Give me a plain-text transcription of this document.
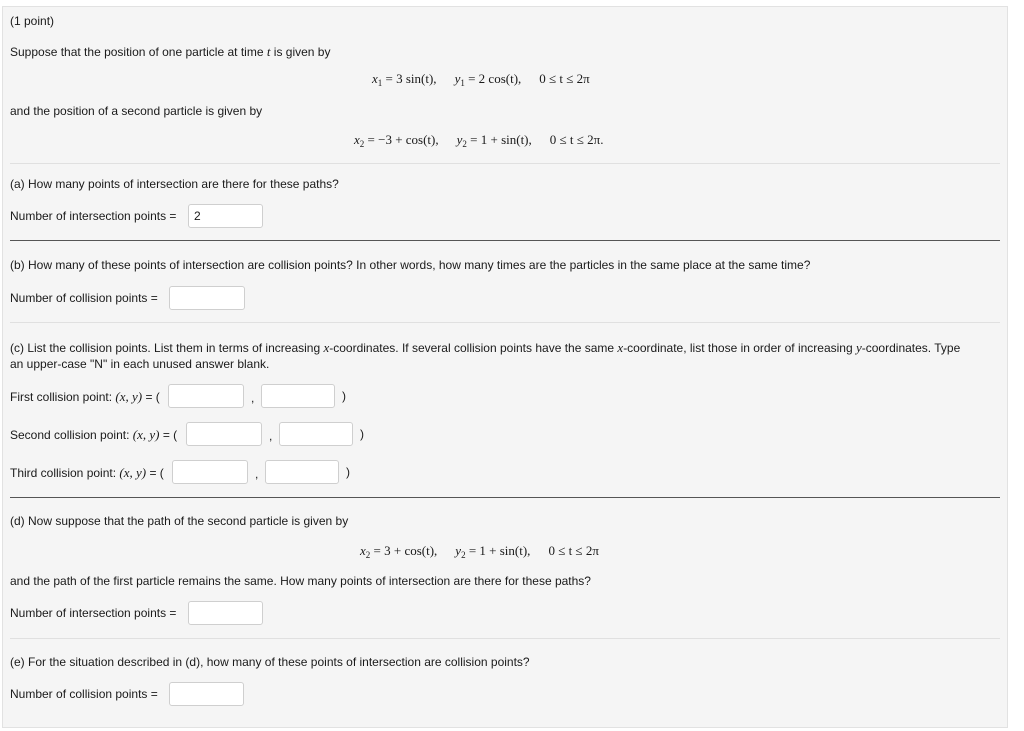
(1 point)
Suppose that the position of one particle at time t is given by
$x_1 = 3$ sin(t), $y_1 = 2$ cos(t), 0 ≤ t ≤ 2π
and the position of a second particle is given by
$x_2 = -3 + \cos(t)$, $y_2 = 1 + \sin(t)$, 0 ≤ t ≤ 2π.
(a) How many points of intersection are there for these paths?
Number of intersection points =	2
(b) How many of these points of intersection are collision points? In other words, how many times are the particles in the same place at the same time?
Number of collision points =
(c) List the collision points. List them in terms of increasing x-coordinates. If several collision points have the same x-coordinate, list those in order of increasing y-coordinates. Type
an upper-case "N" in each unused answer blank.
First collision point: (x, y) = (	,	)
Second collision point: (x, y) = (	,	)
Third collision point: (x, y) = (	,	)
(d) Now suppose that the path of the second particle is given by
$x_2 = 3 + \cos(t)$, $y_2 = 1 + \sin(t)$, 0 ≤ t ≤ 2π
and the path of the first particle remains the same. How many points of intersection are there for these paths?
Number of intersection points =
(e) For the situation described in (d), how many of these points of intersection are collision points?
Number of collision points =
